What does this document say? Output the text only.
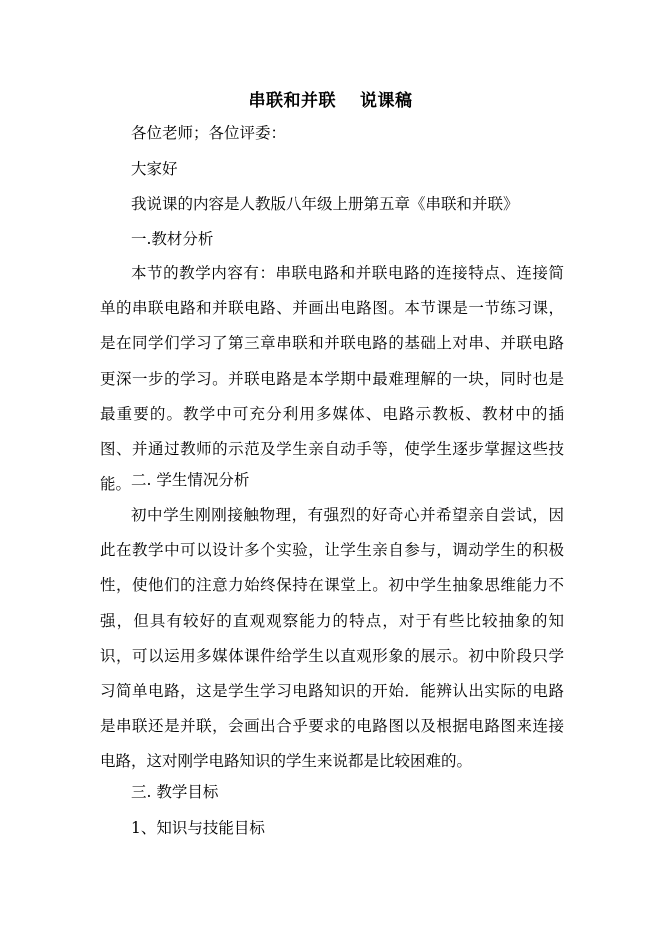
串联和并联　 说课稿
各位老师；各位评委：
大家好
我说课的内容是人教版八年级上册第五章《串联和并联》
一.教材分析
本节的教学内容有：串联电路和并联电路的连接特点、连接简单的串联电路和并联电路、并画出电路图。本节课是一节练习课，是在同学们学习了第三章串联和并联电路的基础上对串、并联电路更深一步的学习。并联电路是本学期中最难理解的一块，同时也是最重要的。教学中可充分利用多媒体、电路示教板、教材中的插图、并通过教师的示范及学生亲自动手等，使学生逐步掌握这些技能。 二. 学生情况分析
初中学生刚刚接触物理，有强烈的好奇心并希望亲自尝试，因此在教学中可以设计多个实验，让学生亲自参与，调动学生的积极性，使他们的注意力始终保持在课堂上。初中学生抽象思维能力不强，但具有较好的直观观察能力的特点，对于有些比较抽象的知识，可以运用多媒体课件给学生以直观形象的展示。初中阶段只学习简单电路，这是学生学习电路知识的开始．能辨认出实际的电路是串联还是并联，会画出合乎要求的电路图以及根据电路图来连接电路，这对刚学电路知识的学生来说都是比较困难的。
三. 教学目标
1、知识与技能目标
